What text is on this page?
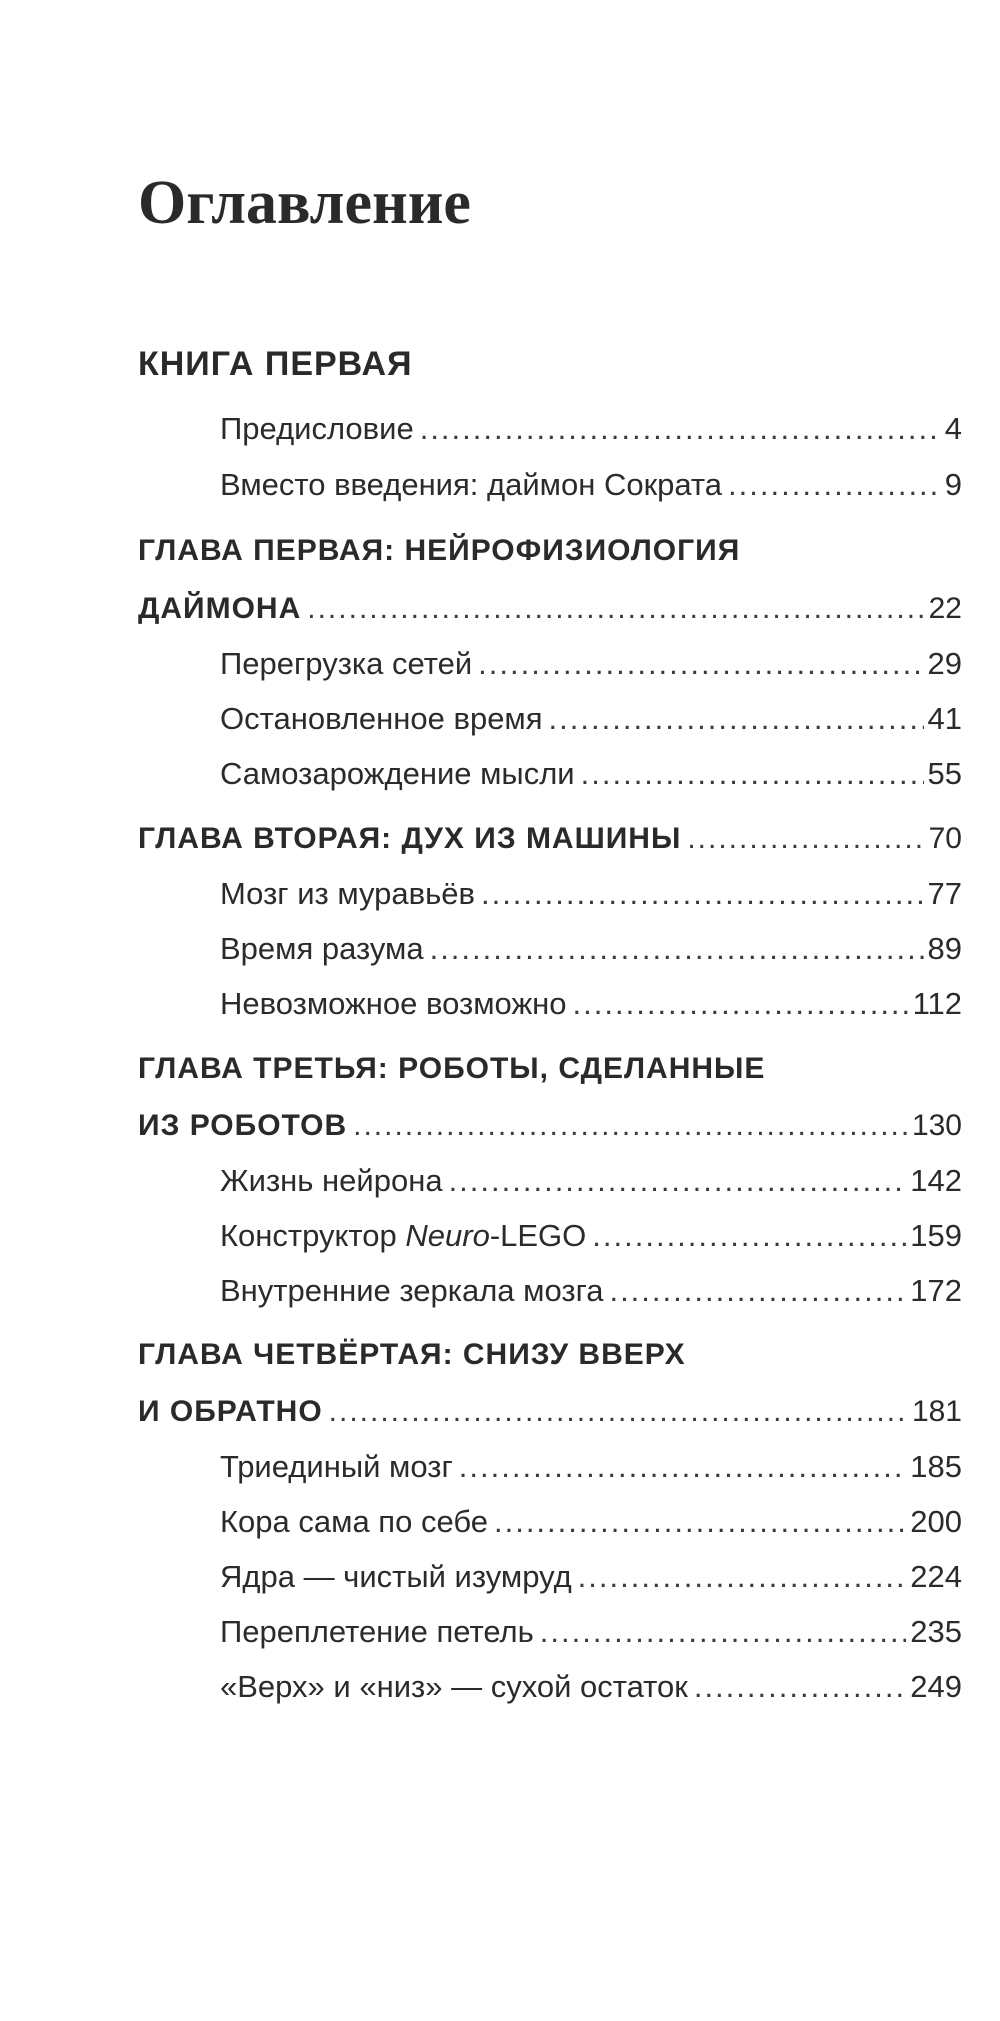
Оглавление
КНИГА ПЕРВАЯ
Предисловие .....	4
Вместо введения: даймон Сократа .....	9
ГЛАВА ПЕРВАЯ: НЕЙРОФИЗИОЛОГИЯ
ДАЙМОНА .....	22
Перегрузка сетей .....	29
Остановленное время .....	41
Самозарождение мысли .....	55
ГЛАВА ВТОРАЯ: ДУХ ИЗ МАШИНЫ .....	70
Мозг из муравьёв .....	77
Время разума .....	89
Невозможное возможно .....	112
ГЛАВА ТРЕТЬЯ: РОБОТЫ, СДЕЛАННЫЕ
ИЗ РОБОТОВ .....	130
Жизнь нейрона .....	142
Конструктор Neuro-LEGO .....	159
Внутренние зеркала мозга .....	172
ГЛАВА ЧЕТВЁРТАЯ: СНИЗУ ВВЕРХ
И ОБРАТНО .....	181
Триединый мозг .....	185
Кора сама по себе .....	200
Ядра — чистый изумруд .....	224
Переплетение петель .....	235
«Верх» и «низ» — сухой остаток .....	249
